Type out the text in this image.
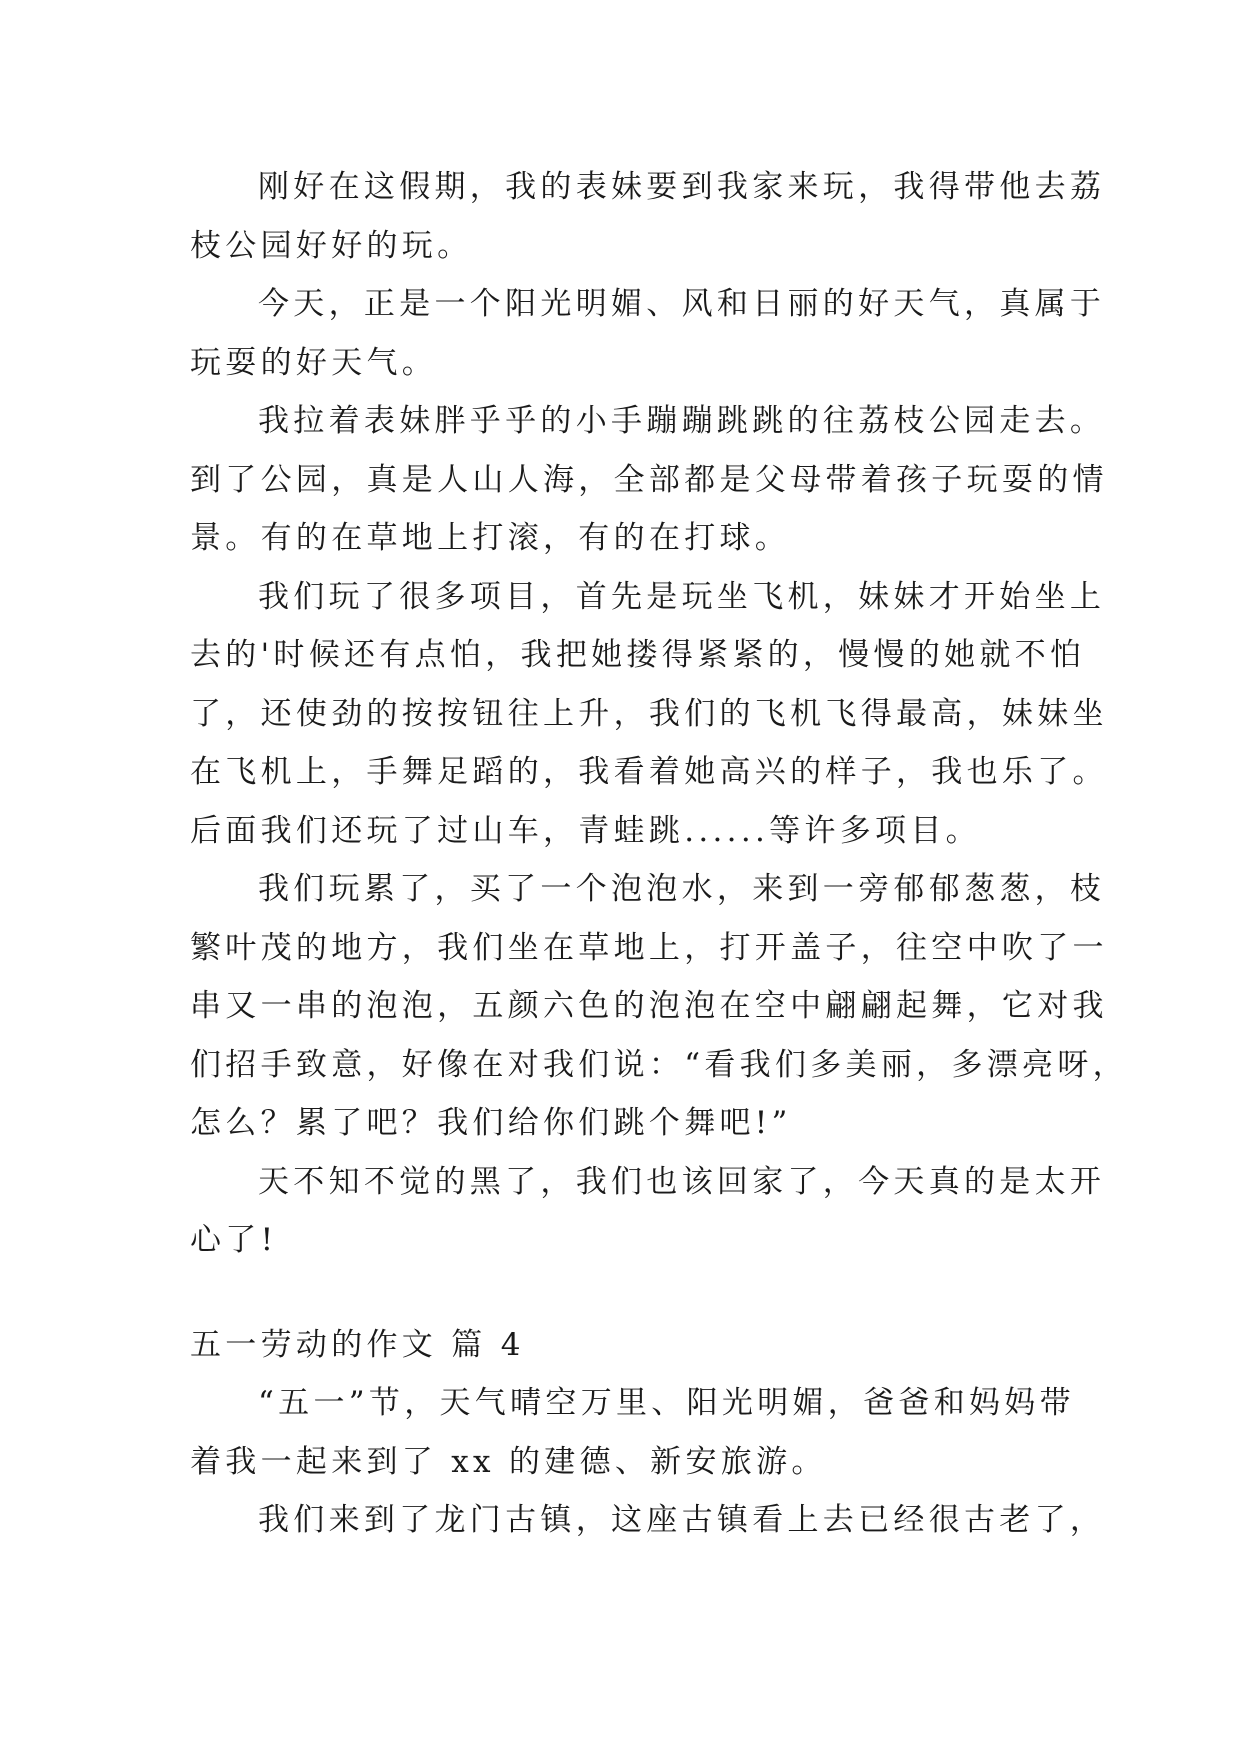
刚好在这假期，我的表妹要到我家来玩，我得带他去荔
枝公园好好的玩。
今天，正是一个阳光明媚、风和日丽的好天气，真属于
玩耍的好天气。
我拉着表妹胖乎乎的小手蹦蹦跳跳的往荔枝公园走去。
到了公园，真是人山人海，全部都是父母带着孩子玩耍的情
景。有的在草地上打滚，有的在打球。
我们玩了很多项目，首先是玩坐飞机，妹妹才开始坐上
去的'时候还有点怕，我把她搂得紧紧的，慢慢的她就不怕
了，还使劲的按按钮往上升，我们的飞机飞得最高，妹妹坐
在飞机上，手舞足蹈的，我看着她高兴的样子，我也乐了。
后面我们还玩了过山车，青蛙跳......等许多项目。
我们玩累了，买了一个泡泡水，来到一旁郁郁葱葱，枝
繁叶茂的地方，我们坐在草地上，打开盖子，往空中吹了一
串又一串的泡泡，五颜六色的泡泡在空中翩翩起舞，它对我
们招手致意，好像在对我们说：“看我们多美丽，多漂亮呀，
怎么？累了吧？我们给你们跳个舞吧!”
天不知不觉的黑了，我们也该回家了，今天真的是太开
心了!
五一劳动的作文 篇 4
“五一”节，天气晴空万里、阳光明媚，爸爸和妈妈带
着我一起来到了 xx 的建德、新安旅游。
我们来到了龙门古镇，这座古镇看上去已经很古老了，
